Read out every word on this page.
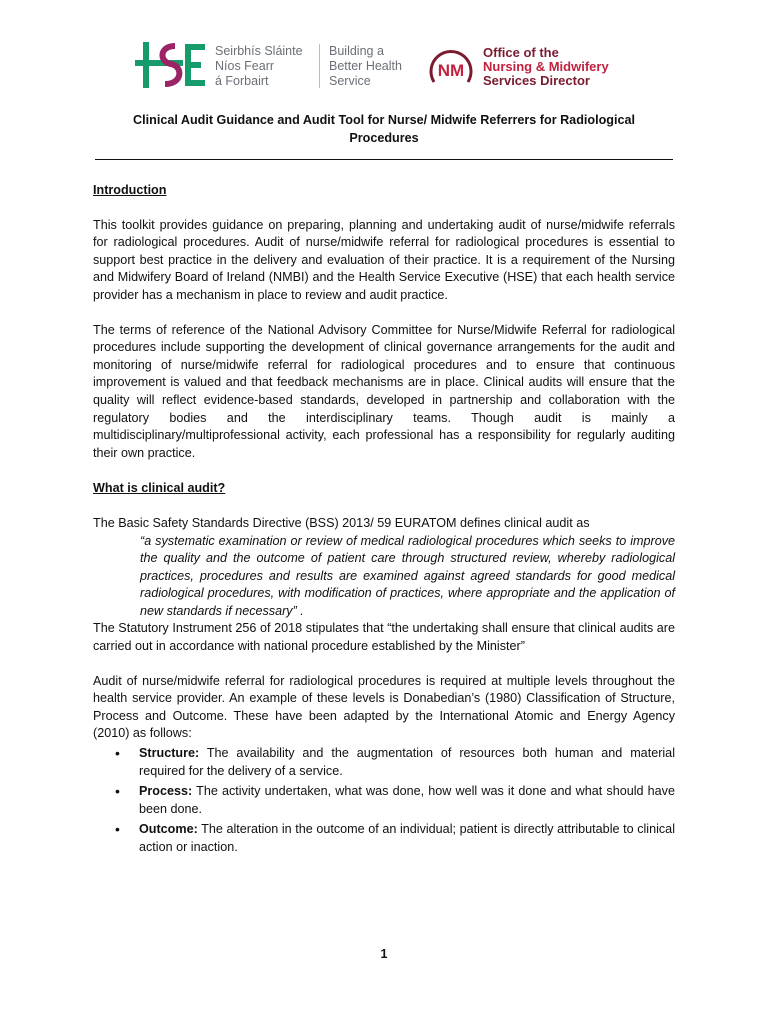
HSE
Seirbhís Sláinte
Níos Fearr
á Forbairt
Building a
Better Health
Service
NM
Office of the
Nursing & Midwifery
Services Director
Clinical Audit Guidance and Audit Tool for Nurse/ Midwife Referrers for Radiological
Procedures

Introduction

This toolkit provides guidance on preparing, planning and undertaking audit of nurse/midwife referrals for radiological procedures. Audit of nurse/midwife referral for radiological procedures is essential to support best practice in the delivery and evaluation of their practice. It is a requirement of the Nursing and Midwifery Board of Ireland (NMBI) and the Health Service Executive (HSE) that each health service provider has a mechanism in place to review and audit practice.

The terms of reference of the National Advisory Committee for Nurse/Midwife Referral for radiological procedures include supporting the development of clinical governance arrangements for the audit and monitoring of nurse/midwife referral for radiological procedures and to ensure that continuous improvement is valued and that feedback mechanisms are in place. Clinical audits will ensure that the quality will reflect evidence-based standards, developed in partnership and collaboration with the regulatory bodies and the interdisciplinary teams. Though audit is mainly a multidisciplinary/multiprofessional activity, each professional has a responsibility for regularly auditing their own practice.

What is clinical audit?

The Basic Safety Standards Directive (BSS) 2013/ 59 EURATOM defines clinical audit as

“a systematic examination or review of medical radiological procedures which seeks to improve the quality and the outcome of patient care through structured review, whereby radiological practices, procedures and results are examined against agreed standards for good medical radiological procedures, with modification of practices, where appropriate and the application of new standards if necessary” .

The Statutory Instrument 256 of 2018 stipulates that “the undertaking shall ensure that clinical audits are carried out in accordance with national procedure established by the Minister”

Audit of nurse/midwife referral for radiological procedures is required at multiple levels throughout the health service provider. An example of these levels is Donabedian’s (1980) Classification of Structure, Process and Outcome. These have been adapted by the International Atomic and Energy Agency (2010) as follows:

• Structure: The availability and the augmentation of resources both human and material required for the delivery of a service.
• Process: The activity undertaken, what was done, how well was it done and what should have been done.
• Outcome: The alteration in the outcome of an individual; patient is directly attributable to clinical action or inaction.
1
